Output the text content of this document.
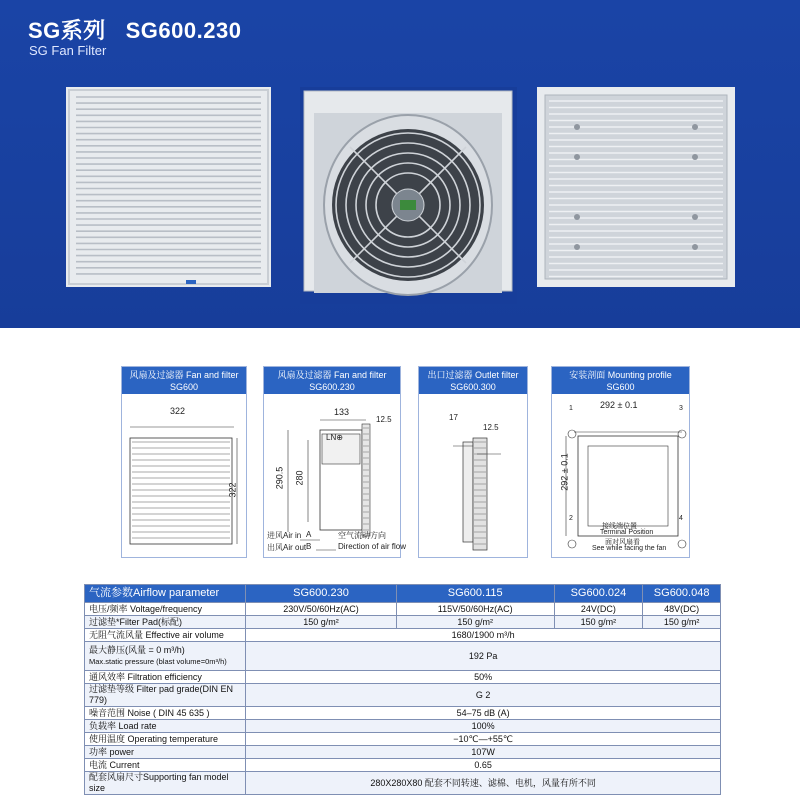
SG系列   SG600.230
SG Fan Filter
风扇及过滤器 Fan and filter
SG600
322
322
风扇及过滤器 Fan and filter
SG600.230
133
12.5
290.5 280
LN⊕
进风Air in
出风Air out
A
B
空气流动方向
Direction of air flow
出口过滤器 Outlet filter
SG600.300
17
12.5
安装剖面 Mounting profile
SG600
292 ± 0.1
292 ± 0.1
1	3
2	4
接线端位置
Terminal Position
面对风扇看
See while facing the fan
气流参数Airflow parameter	SG600.230	SG600.115	SG600.024	SG600.048
电压/频率 Voltage/frequency	230V/50/60Hz(AC)	115V/50/60Hz(AC)	24V(DC)	48V(DC)
过滤垫*Filter Pad(标配)	150 g/m²	150 g/m²	150 g/m²	150 g/m²
无阻气流风量 Effective air volume	1680/1900 m³/h			
最大静压(风量 = 0 m³/h)
Max.static pressure (blast volume=0m³/h)	192 Pa			
通风效率 Filtration efficiency	50%			
过滤垫等级 Filter pad grade(DIN EN 779)	G 2			
噪音范围 Noise ( DIN 45 635 )	54–75 dB (A)			
负载率 Load rate	100%			
使用温度 Operating temperature	−10℃—+55℃			
功率 power	107W			
电流 Current	0.65			
配套风扇尺寸Supporting fan model size	280X280X80 配套不同转速、滤棉、电机，风量有所不同			
